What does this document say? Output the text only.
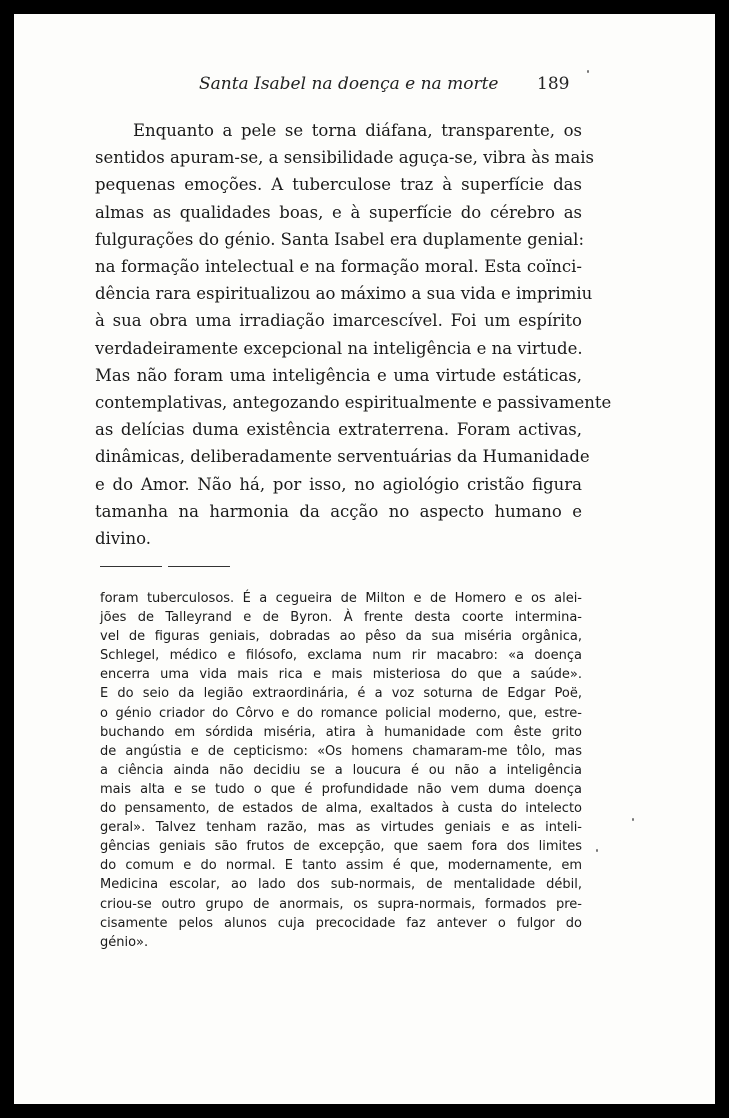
Santa Isabel na doença e na morte 189
Enquanto a pele se torna diáfana, transparente, os
sentidos apuram-se, a sensibilidade aguça-se, vibra às mais
pequenas emoções. A tuberculose traz à superfície das
almas as qualidades boas, e à superfície do cérebro as
fulgurações do génio. Santa Isabel era duplamente genial:
na formação intelectual e na formação moral. Esta coïnci-
dência rara espiritualizou ao máximo a sua vida e imprimiu
à sua obra uma irradiação imarcescível. Foi um espírito
verdadeiramente excepcional na inteligência e na virtude.
Mas não foram uma inteligência e uma virtude estáticas,
contemplativas, antegozando espiritualmente e passivamente
as delícias duma existência extraterrena. Foram activas,
dinâmicas, deliberadamente serventuárias da Humanidade
e do Amor. Não há, por isso, no agiológio cristão figura
tamanha na harmonia da acção no aspecto humano e
divino.
foram tuberculosos. É a cegueira de Milton e de Homero e os alei-
jões de Talleyrand e de Byron. À frente desta coorte intermina-
vel de figuras geniais, dobradas ao pêso da sua miséria orgânica,
Schlegel, médico e filósofo, exclama num rir macabro: «a doença
encerra uma vida mais rica e mais misteriosa do que a saúde».
E do seio da legião extraordinária, é a voz soturna de Edgar Poë,
o génio criador do Côrvo e do romance policial moderno, que, estre-
buchando em sórdida miséria, atira à humanidade com êste grito
de angústia e de cepticismo: «Os homens chamaram-me tôlo, mas
a ciência ainda não decidiu se a loucura é ou não a inteligência
mais alta e se tudo o que é profundidade não vem duma doença
do pensamento, de estados de alma, exaltados à custa do intelecto
geral». Talvez tenham razão, mas as virtudes geniais e as inteli-
gências geniais são frutos de excepção, que saem fora dos limites
do comum e do normal. E tanto assim é que, modernamente, em
Medicina escolar, ao lado dos sub-normais, de mentalidade débil,
criou-se outro grupo de anormais, os supra-normais, formados pre-
cisamente pelos alunos cuja precocidade faz antever o fulgor do
génio».
